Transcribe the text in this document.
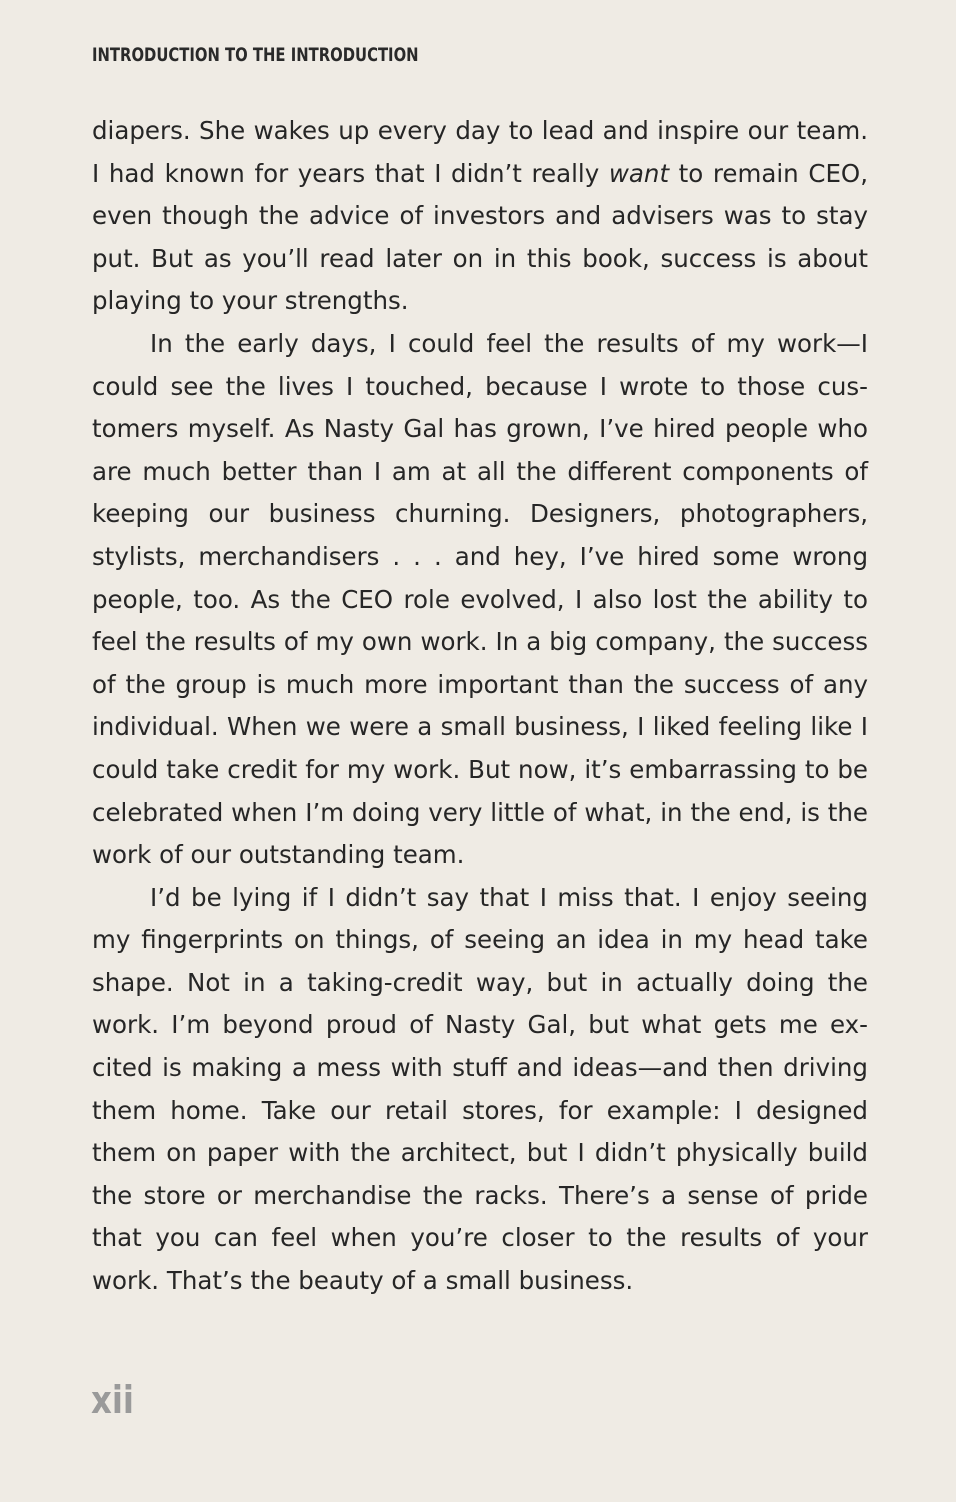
INTRODUCTION TO THE INTRODUCTION

diapers. She wakes up every day to lead and inspire our team. I had known for years that I didn’t really want to remain CEO, even though the advice of investors and advisers was to stay put. But as you’ll read later on in this book, success is about playing to your strengths.

In the early days, I could feel the results of my work—I could see the lives I touched, because I wrote to those customers myself. As Nasty Gal has grown, I’ve hired people who are much better than I am at all the different components of keeping our business churning. Designers, photographers, stylists, merchandisers . . . and hey, I’ve hired some wrong people, too. As the CEO role evolved, I also lost the ability to feel the results of my own work. In a big company, the success of the group is much more important than the success of any individual. When we were a small business, I liked feeling like I could take credit for my work. But now, it’s embarrassing to be celebrated when I’m doing very little of what, in the end, is the work of our outstanding team.

I’d be lying if I didn’t say that I miss that. I enjoy seeing my fingerprints on things, of seeing an idea in my head take shape. Not in a taking-credit way, but in actually doing the work. I’m beyond proud of Nasty Gal, but what gets me excited is making a mess with stuff and ideas—and then driving them home. Take our retail stores, for example: I designed them on paper with the architect, but I didn’t physically build the store or merchandise the racks. There’s a sense of pride that you can feel when you’re closer to the results of your work. That’s the beauty of a small business.

xii
